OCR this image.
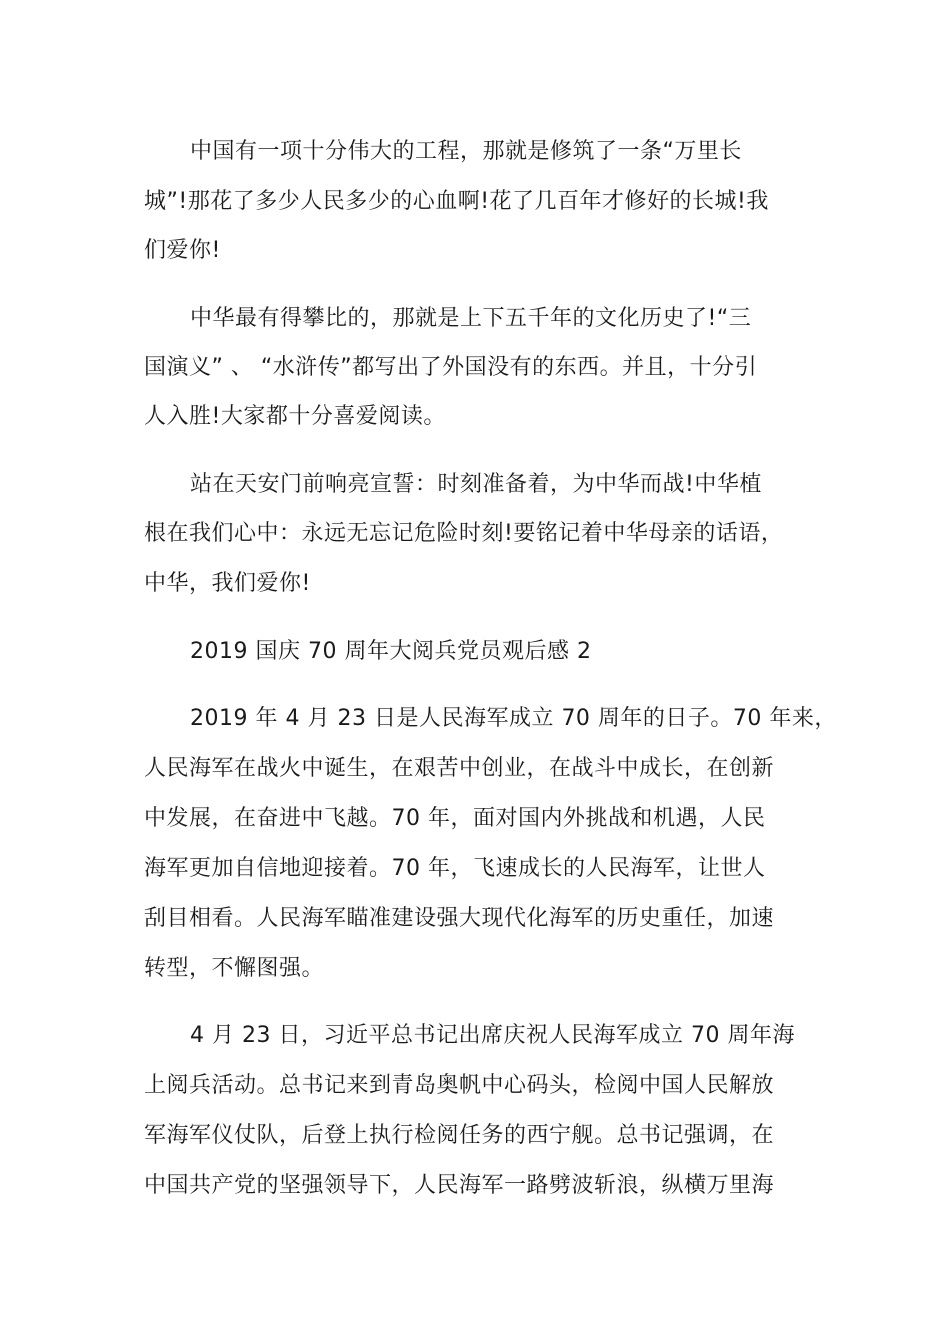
中国有一项十分伟大的工程，那就是修筑了一条“万里长
城”!那花了多少人民多少的心血啊!花了几百年才修好的长城!我
们爱你!
中华最有得攀比的，那就是上下五千年的文化历史了!“三
国演义” 、 “水浒传”都写出了外国没有的东西。并且，十分引
人入胜!大家都十分喜爱阅读。
站在天安门前响亮宣誓：时刻准备着，为中华而战!中华植
根在我们心中：永远无忘记危险时刻!要铭记着中华母亲的话语，
中华，我们爱你!
2019 国庆 70 周年大阅兵党员观后感 2
2019 年 4 月 23 日是人民海军成立 70 周年的日子。70 年来，
人民海军在战火中诞生，在艰苦中创业，在战斗中成长，在创新
中发展，在奋进中飞越。70 年，面对国内外挑战和机遇，人民
海军更加自信地迎接着。70 年，飞速成长的人民海军，让世人
刮目相看。人民海军瞄准建设强大现代化海军的历史重任，加速
转型，不懈图强。
4 月 23 日，习近平总书记出席庆祝人民海军成立 70 周年海
上阅兵活动。总书记来到青岛奥帆中心码头，检阅中国人民解放
军海军仪仗队，后登上执行检阅任务的西宁舰。总书记强调，在
中国共产党的坚强领导下，人民海军一路劈波斩浪，纵横万里海
